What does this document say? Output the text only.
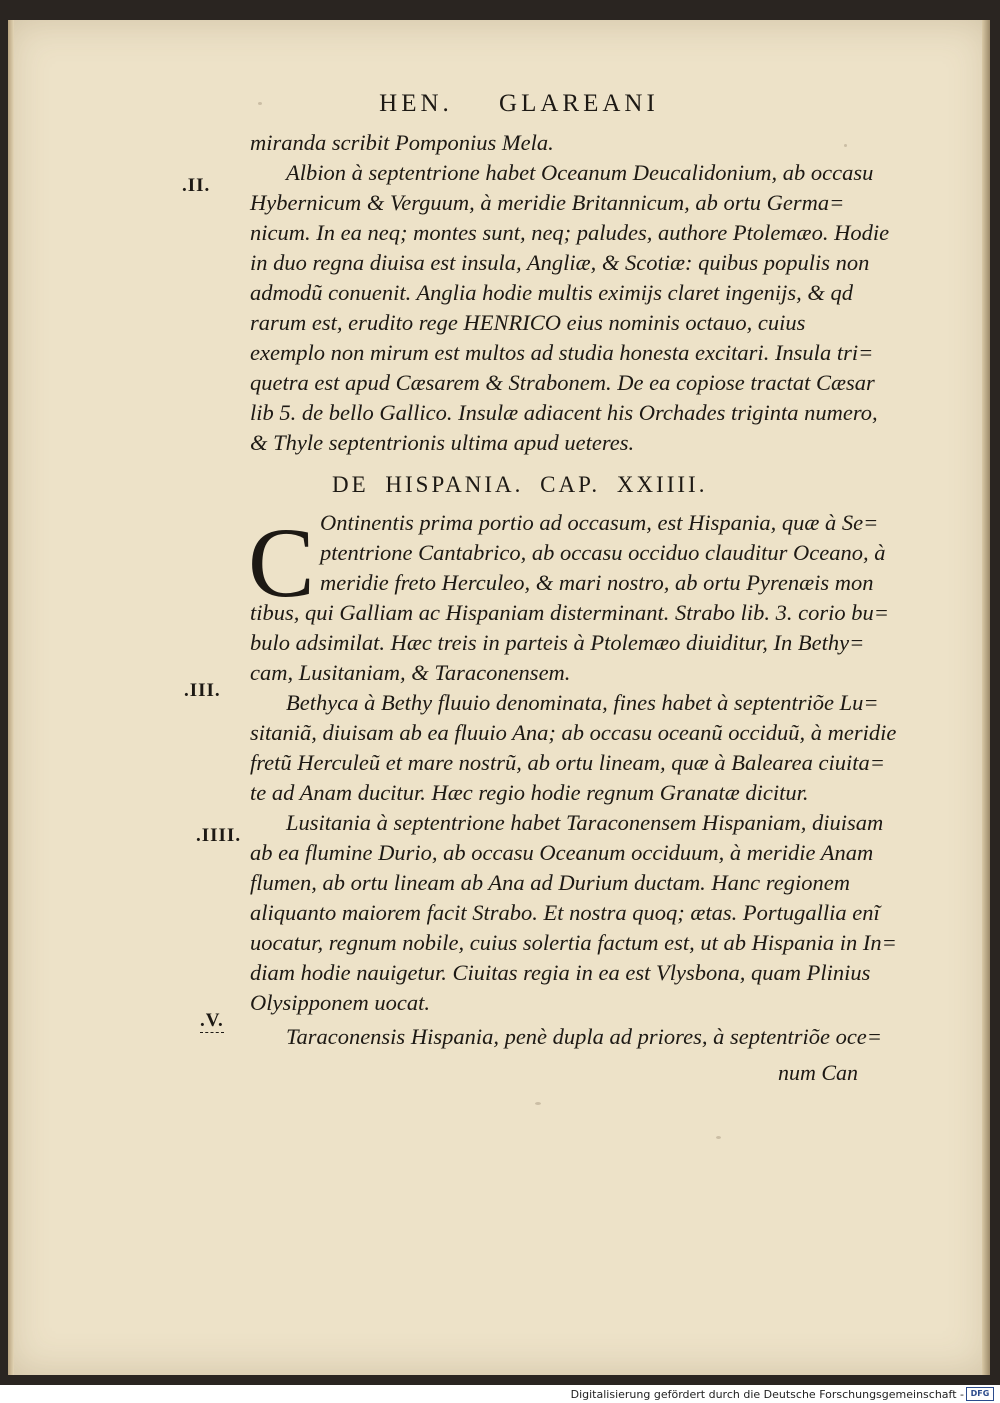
HEN. GLAREANI
.II.
.III.
.IIII.
.V.
miranda scribit Pomponius Mela.
Albion à septentrione habet Oceanum Deucalidonium, ab occasu
Hybernicum & Verguum, à meridie Britannicum, ab ortu Germa=
nicum. In ea neq; montes sunt, neq; paludes, authore Ptolemæo. Hodie
in duo regna diuisa est insula, Angliæ, & Scotiæ: quibus populis non
admodũ conuenit. Anglia hodie multis eximijs claret ingenijs, & qd
rarum est, erudito rege HENRICO eius nominis octauo, cuius
exemplo non mirum est multos ad studia honesta excitari. Insula tri=
quetra est apud Cæsarem & Strabonem. De ea copiose tractat Cæsar
lib 5. de bello Gallico. Insulæ adiacent his Orchades triginta numero,
& Thyle septentrionis ultima apud ueteres.
DE HISPANIA. CAP. XXIIII.
C Ontinentis prima portio ad occasum, est Hispania, quæ à Se=
ptentrione Cantabrico, ab occasu occiduo clauditur Oceano, à
meridie freto Herculeo, & mari nostro, ab ortu Pyrenæis mon
tibus, qui Galliam ac Hispaniam disterminant. Strabo lib. 3. corio bu=
bulo adsimilat. Hæc treis in parteis à Ptolemæo diuiditur, In Bethy=
cam, Lusitaniam, & Taraconensem.
Bethyca à Bethy fluuio denominata, fines habet à septentriõe Lu=
sitaniã, diuisam ab ea fluuio Ana; ab occasu oceanũ occiduũ, à meridie
fretũ Herculeũ et mare nostrũ, ab ortu lineam, quæ à Balearea ciuita=
te ad Anam ducitur. Hæc regio hodie regnum Granatæ dicitur.
Lusitania à septentrione habet Taraconensem Hispaniam, diuisam
ab ea flumine Durio, ab occasu Oceanum occiduum, à meridie Anam
flumen, ab ortu lineam ab Ana ad Durium ductam. Hanc regionem
aliquanto maiorem facit Strabo. Et nostra quoq; ætas. Portugallia enĩ
uocatur, regnum nobile, cuius solertia factum est, ut ab Hispania in In=
diam hodie nauigetur. Ciuitas regia in ea est Vlysbona, quam Plinius
Olysipponem uocat.
Taraconensis Hispania, penè dupla ad priores, à septentriõe oce=
num Can
Digitalisierung gefördert durch die Deutsche Forschungsgemeinschaft - DFG
